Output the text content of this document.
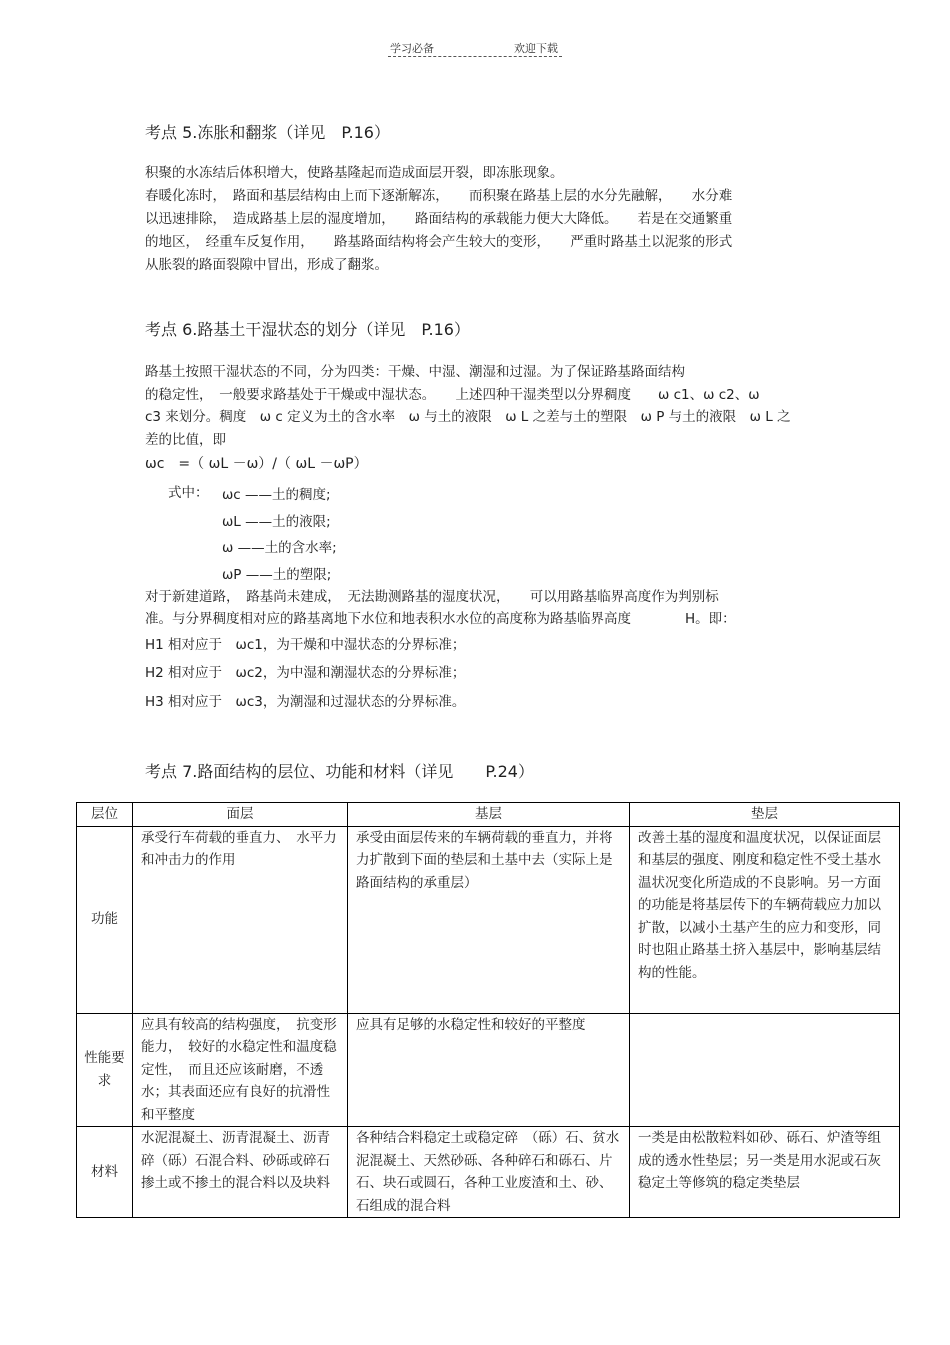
学习必备	欢迎下载
考点 5.冻胀和翻浆（详见　P.16）
积聚的水冻结后体积增大，使路基隆起而造成面层开裂，即冻胀现象。
春暖化冻时，　路面和基层结构由上而下逐渐解冻，　　而积聚在路基上层的水分先融解，　　水分难
以迅速排除，　造成路基上层的湿度增加，　　路面结构的承载能力便大大降低。　　若是在交通繁重
的地区，　经重车反复作用，　　路基路面结构将会产生较大的变形，　　严重时路基土以泥浆的形式
从胀裂的路面裂隙中冒出，形成了翻浆。
考点 6.路基土干湿状态的划分（详见　P.16）
路基土按照干湿状态的不同，分为四类：干燥、中湿、潮湿和过湿。为了保证路基路面结构
的稳定性，　一般要求路基处于干燥或中湿状态。　　上述四种干湿类型以分界稠度　　ω c1、ω c2、ω
c3 来划分。稠度　ω c 定义为土的含水率　ω 与土的液限　ω L 之差与土的塑限　ω P 与土的液限　ω L 之
差的比值，即
ωc　=（ ωL －ω）/（ ωL －ωP）
式中： ωc ——土的稠度;
ωL ——土的液限;
ω ——土的含水率;
ωP ——土的塑限;
对于新建道路，　路基尚未建成，　无法勘测路基的湿度状况，　　可以用路基临界高度作为判别标
准。与分界稠度相对应的路基离地下水位和地表积水水位的高度称为路基临界高度　　　　H。即：
H1 相对应于　ωc1，为干燥和中湿状态的分界标准；
H2 相对应于　ωc2，为中湿和潮湿状态的分界标准；
H3 相对应于　ωc3，为潮湿和过湿状态的分界标准。
考点 7.路面结构的层位、功能和材料（详见　　P.24）
层位	面层	基层	垫层
功能	承受行车荷载的垂直力、　水平力和冲击力的作用	承受由面层传来的车辆荷载的垂直力，并将力扩散到下面的垫层和土基中去（实际上是路面结构的承重层）	改善土基的湿度和温度状况，以保证面层和基层的强度、刚度和稳定性不受土基水温状况变化所造成的不良影响。另一方面的功能是将基层传下的车辆荷载应力加以扩散，以减小土基产生的应力和变形，同时也阻止路基土挤入基层中，影响基层结构的性能。
性能要求	应具有较高的结构强度，　抗变形能力，　较好的水稳定性和温度稳定性，　而且还应该耐磨，不透水；其表面还应有良好的抗滑性和平整度	应具有足够的水稳定性和较好的平整度	
材料	水泥混凝土、沥青混凝土、沥青碎（砾）石混合料、砂砾或碎石掺土或不掺土的混合料以及块料	各种结合料稳定土或稳定碎　（砾）石、贫水泥混凝土、天然砂砾、各种碎石和砾石、片石、块石或圆石，各种工业废渣和土、砂、石组成的混合料	一类是由松散粒料如砂、砾石、炉渣等组成的透水性垫层；另一类是用水泥或石灰稳定土等修筑的稳定类垫层
